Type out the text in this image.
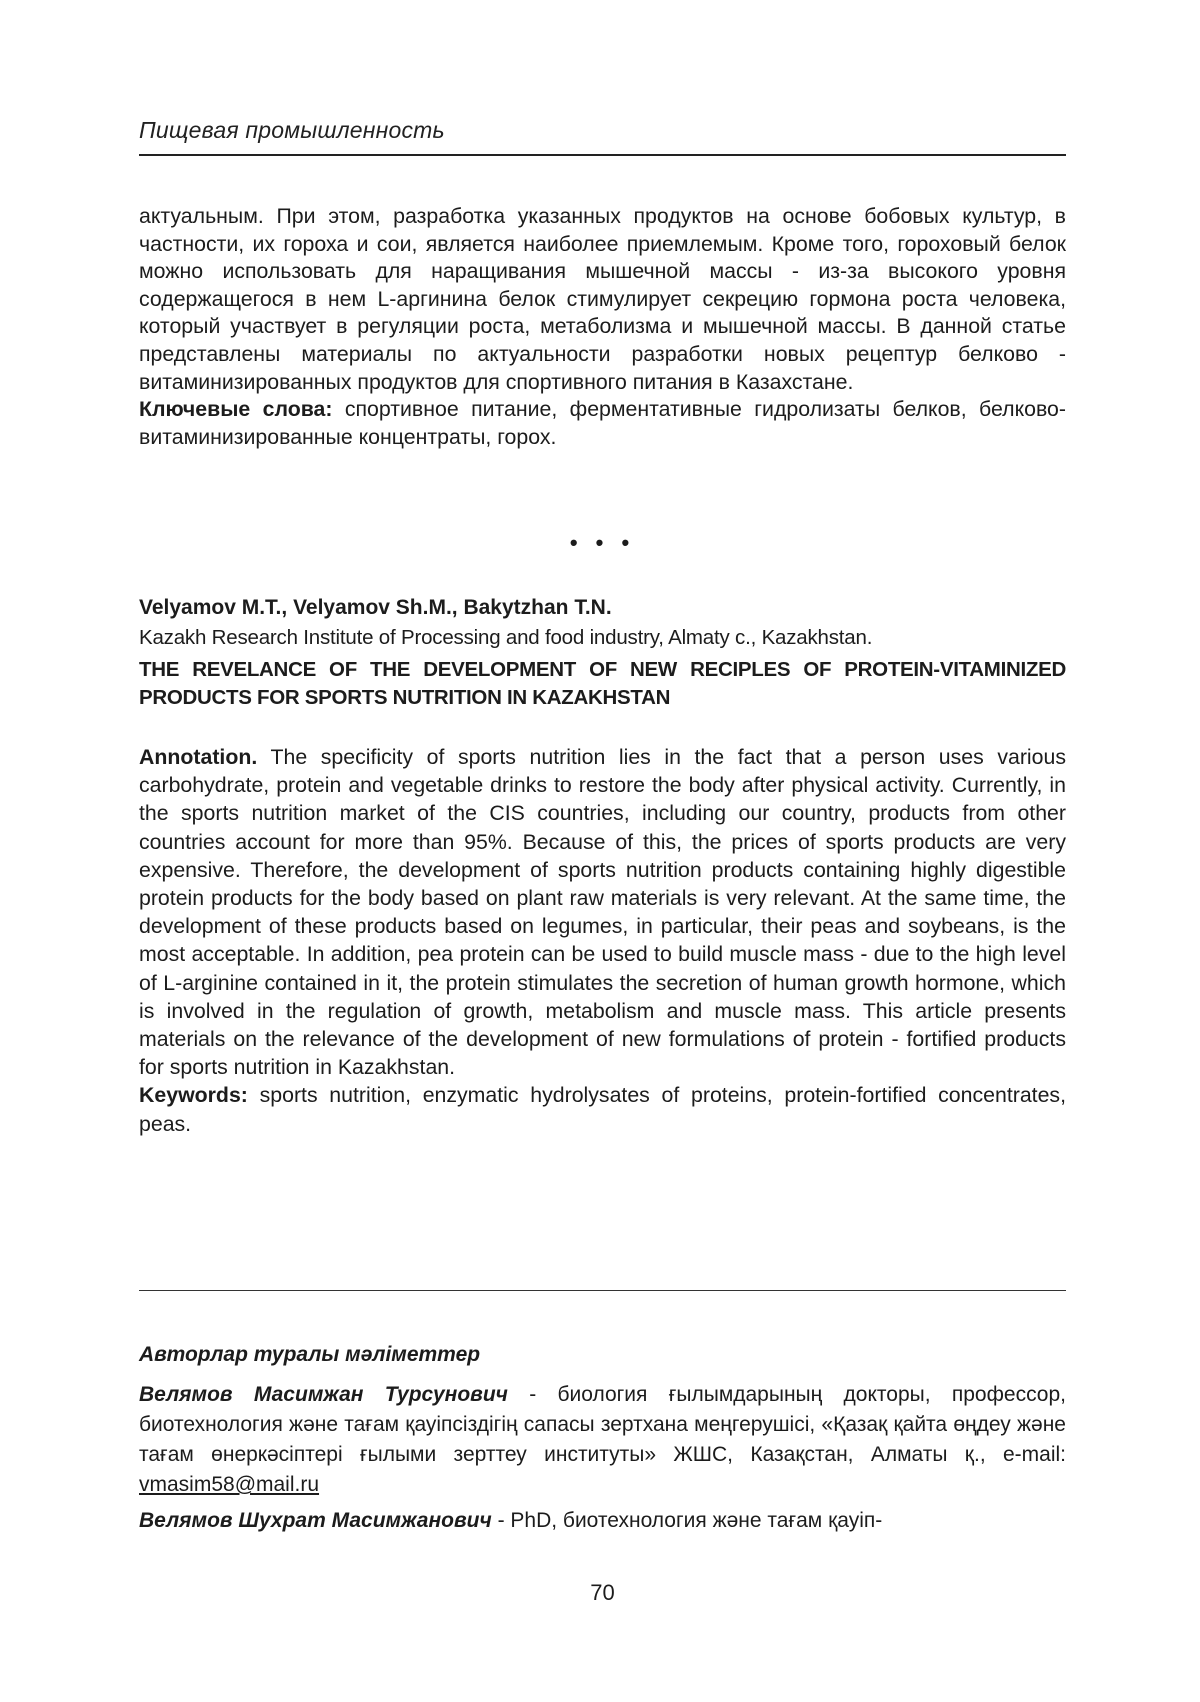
Пищевая промышленность

актуальным. При этом, разработка указанных продуктов на основе бобовых культур, в частности, их гороха и сои, является наиболее приемлемым. Кроме того, гороховый белок можно использовать для наращивания мышечной массы - из-за высокого уровня содержащегося в нем L-аргинина белок стимулирует секрецию гормона роста человека, который участвует в регуляции роста, метаболизма и мышечной массы. В данной статье представлены материалы по актуальности разработки новых рецептур белково - витаминизированных продуктов для спортивного питания в Казахстане.

Ключевые слова: спортивное питание, ферментативные гидролизаты белков, белково-витаминизированные концентраты, горох.

• • •
Velyamov M.T., Velyamov Sh.M., Bakytzhan T.N.
Kazakh Research Institute of Processing and food industry, Almaty c., Kazakhstan.

THE REVELANCE OF THE DEVELOPMENT OF NEW RECIPLES OF PROTEIN-VITAMINIZED PRODUCTS FOR SPORTS NUTRITION IN KAZAKHSTAN

Annotation. The specificity of sports nutrition lies in the fact that a person uses various carbohydrate, protein and vegetable drinks to restore the body after physical activity. Currently, in the sports nutrition market of the CIS countries, including our country, products from other countries account for more than 95%. Because of this, the prices of sports products are very expensive. Therefore, the development of sports nutrition products containing highly digestible protein products for the body based on plant raw materials is very relevant. At the same time, the development of these products based on legumes, in particular, their peas and soybeans, is the most acceptable. In addition, pea protein can be used to build muscle mass - due to the high level of L-arginine contained in it, the protein stimulates the secretion of human growth hormone, which is involved in the regulation of growth, metabolism and muscle mass. This article presents materials on the relevance of the development of new formulations of protein - fortified products for sports nutrition in Kazakhstan.

Keywords: sports nutrition, enzymatic hydrolysates of proteins, protein-fortified concentrates, peas.

Авторлар туралы мәліметтер

Велямов Масимжан Турсунович - биология ғылымдарының докторы, профессор, биотехнология және тағам қауіпсіздігің сапасы зертхана меңгерушісі, «Қазақ қайта өңдеу және тағам өнеркәсіптері ғылыми зерттеу институты» ЖШС, Казақстан, Алматы қ., e-mail: vmasim58@mail.ru

Велямов Шухрат Масимжанович - PhD, биотехнология және тағам қауіп-

70
